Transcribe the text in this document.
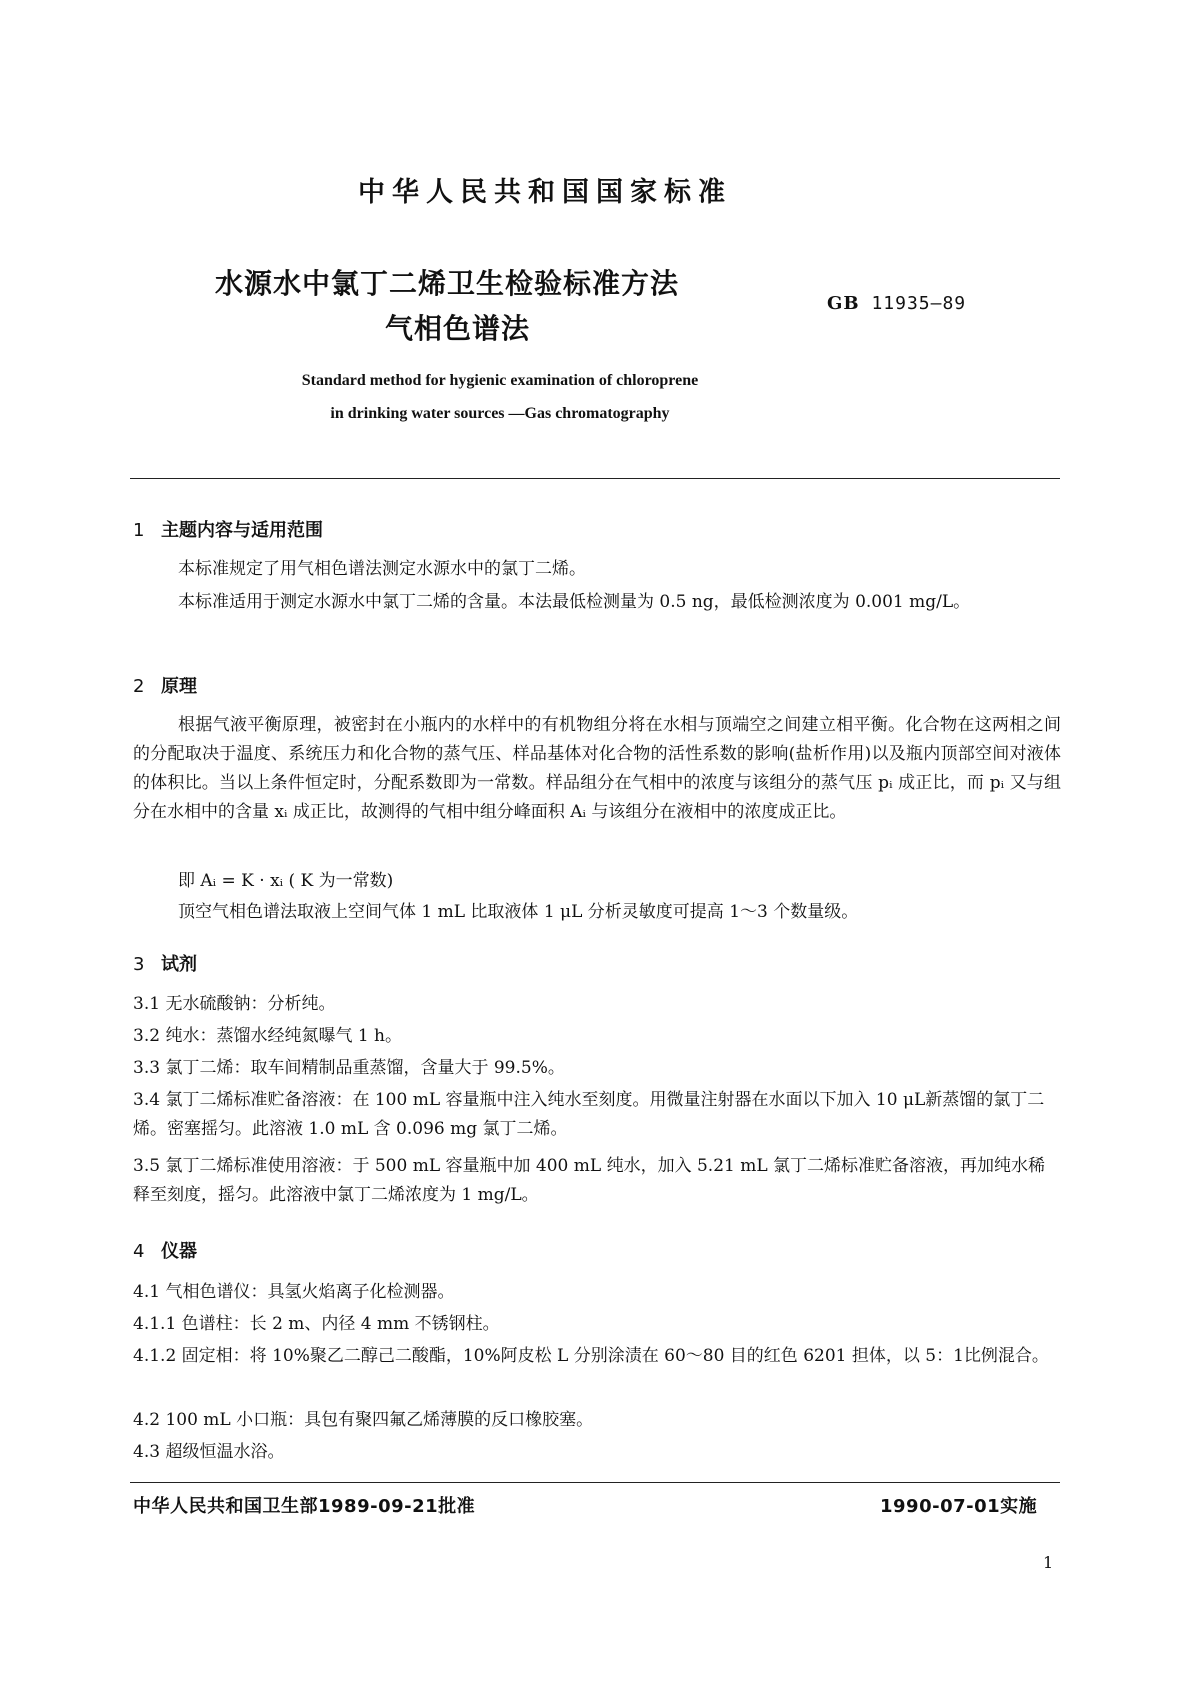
中华人民共和国国家标准
水源水中氯丁二烯卫生检验标准方法
气相色谱法
GB 11935—89
Standard method for hygienic examination of chloroprene
in drinking water sources —Gas chromatography
1 主题内容与适用范围
本标准规定了用气相色谱法测定水源水中的氯丁二烯。
本标准适用于测定水源水中氯丁二烯的含量。本法最低检测量为 0.5 ng，最低检测浓度为 0.001 mg/L。
2 原理
根据气液平衡原理，被密封在小瓶内的水样中的有机物组分将在水相与顶端空之间建立相平衡。化合物在这两相之间的分配取决于温度、系统压力和化合物的蒸气压、样品基体对化合物的活性系数的影响(盐析作用)以及瓶内顶部空间对液体的体积比。当以上条件恒定时，分配系数即为一常数。样品组分在气相中的浓度与该组分的蒸气压 pᵢ 成正比，而 pᵢ 又与组分在水相中的含量 xᵢ 成正比，故测得的气相中组分峰面积 Aᵢ 与该组分在液相中的浓度成正比。
即 Aᵢ = K · xᵢ ( K 为一常数)
顶空气相色谱法取液上空间气体 1 mL 比取液体 1 μL 分析灵敏度可提高 1～3 个数量级。
3 试剂
3.1 无水硫酸钠：分析纯。
3.2 纯水：蒸馏水经纯氮曝气 1 h。
3.3 氯丁二烯：取车间精制品重蒸馏，含量大于 99.5%。
3.4 氯丁二烯标准贮备溶液：在 100 mL 容量瓶中注入纯水至刻度。用微量注射器在水面以下加入 10 μL新蒸馏的氯丁二烯。密塞摇匀。此溶液 1.0 mL 含 0.096 mg 氯丁二烯。
3.5 氯丁二烯标准使用溶液：于 500 mL 容量瓶中加 400 mL 纯水，加入 5.21 mL 氯丁二烯标准贮备溶液，再加纯水稀释至刻度，摇匀。此溶液中氯丁二烯浓度为 1 mg/L。
4 仪器
4.1 气相色谱仪：具氢火焰离子化检测器。
4.1.1 色谱柱：长 2 m、内径 4 mm 不锈钢柱。
4.1.2 固定相：将 10%聚乙二醇己二酸酯，10%阿皮松 L 分别涂渍在 60～80 目的红色 6201 担体，以 5：1比例混合。
4.2 100 mL 小口瓶：具包有聚四氟乙烯薄膜的反口橡胶塞。
4.3 超级恒温水浴。
中华人民共和国卫生部1989-09-21批准	1990-07-01实施
1
